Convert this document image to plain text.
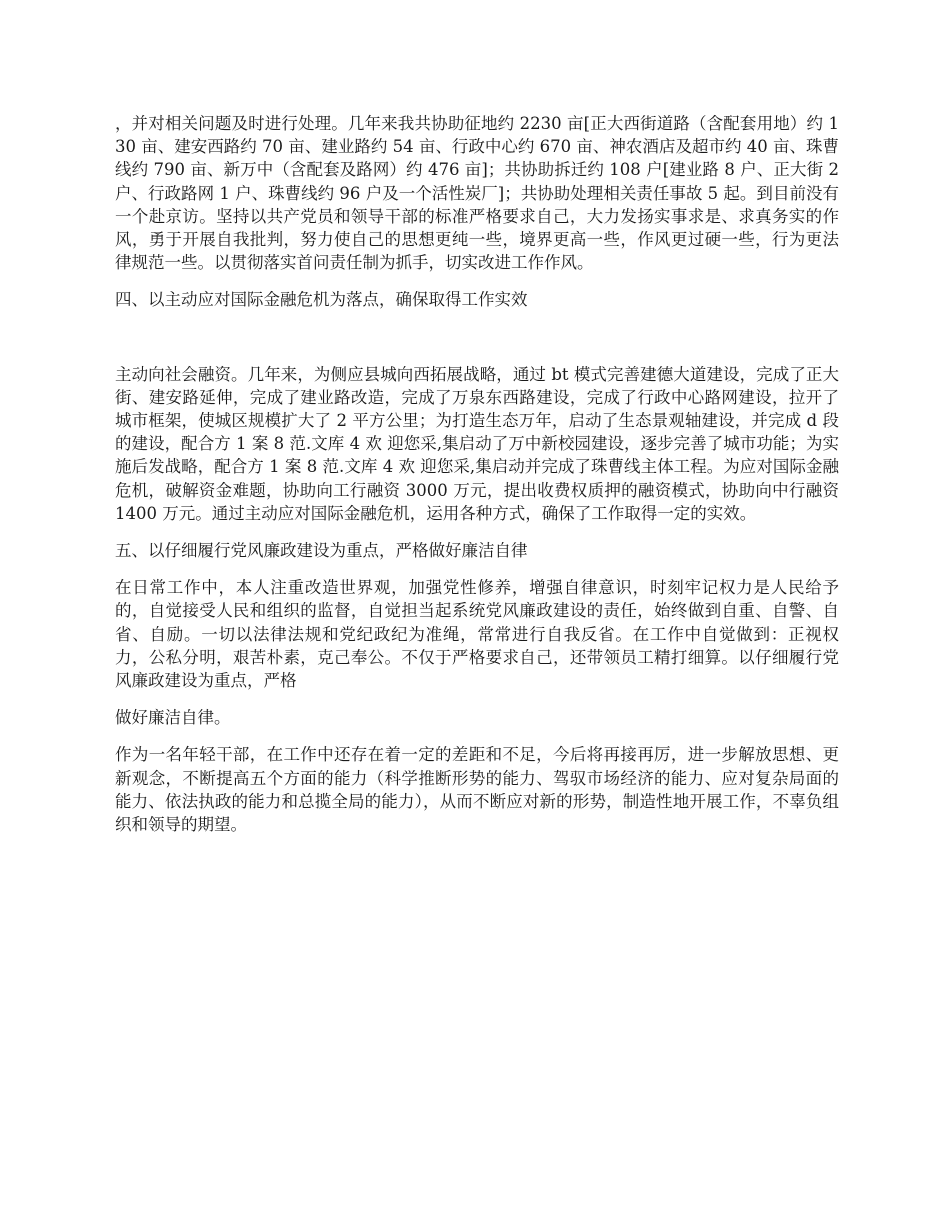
，并对相关问题及时进行处理。几年来我共协助征地约 2230 亩[正大西街道路（含配套用地）约 130 亩、建安西路约 70 亩、建业路约 54 亩、行政中心约 670 亩、神农酒店及超市约 40 亩、珠曹线约 790 亩、新万中（含配套及路网）约 476 亩]；共协助拆迁约 108 户[建业路 8 户、正大街 2 户、行政路网 1 户、珠曹线约 96 户及一个活性炭厂]；共协助处理相关责任事故 5 起。到目前没有一个赴京访。坚持以共产党员和领导干部的标准严格要求自己，大力发扬实事求是、求真务实的作风，勇于开展自我批判，努力使自己的思想更纯一些，境界更高一些，作风更过硬一些，行为更法律规范一些。以贯彻落实首问责任制为抓手，切实改进工作作风。

四、以主动应对国际金融危机为落点，确保取得工作实效

主动向社会融资。几年来，为侧应县城向西拓展战略，通过 bt 模式完善建德大道建设，完成了正大街、建安路延伸，完成了建业路改造，完成了万泉东西路建设，完成了行政中心路网建设，拉开了城市框架，使城区规模扩大了 2 平方公里；为打造生态万年，启动了生态景观轴建设，并完成 d 段的建设，配合方 1 案 8 范.文库 4 欢 迎您采,集启动了万中新校园建设，逐步完善了城市功能；为实施后发战略，配合方 1 案 8 范.文库 4 欢 迎您采,集启动并完成了珠曹线主体工程。为应对国际金融危机，破解资金难题，协助向工行融资 3000 万元，提出收费权质押的融资模式，协助向中行融资 1400 万元。通过主动应对国际金融危机，运用各种方式，确保了工作取得一定的实效。

五、以仔细履行党风廉政建设为重点，严格做好廉洁自律

在日常工作中，本人注重改造世界观，加强党性修养，增强自律意识，时刻牢记权力是人民给予的，自觉接受人民和组织的监督，自觉担当起系统党风廉政建设的责任，始终做到自重、自警、自省、自励。一切以法律法规和党纪政纪为准绳，常常进行自我反省。在工作中自觉做到：正视权力，公私分明，艰苦朴素，克己奉公。不仅于严格要求自己，还带领员工精打细算。以仔细履行党风廉政建设为重点，严格

做好廉洁自律。

作为一名年轻干部，在工作中还存在着一定的差距和不足，今后将再接再厉，进一步解放思想、更新观念，不断提高五个方面的能力（科学推断形势的能力、驾驭市场经济的能力、应对复杂局面的能力、依法执政的能力和总揽全局的能力），从而不断应对新的形势，制造性地开展工作，不辜负组织和领导的期望。
